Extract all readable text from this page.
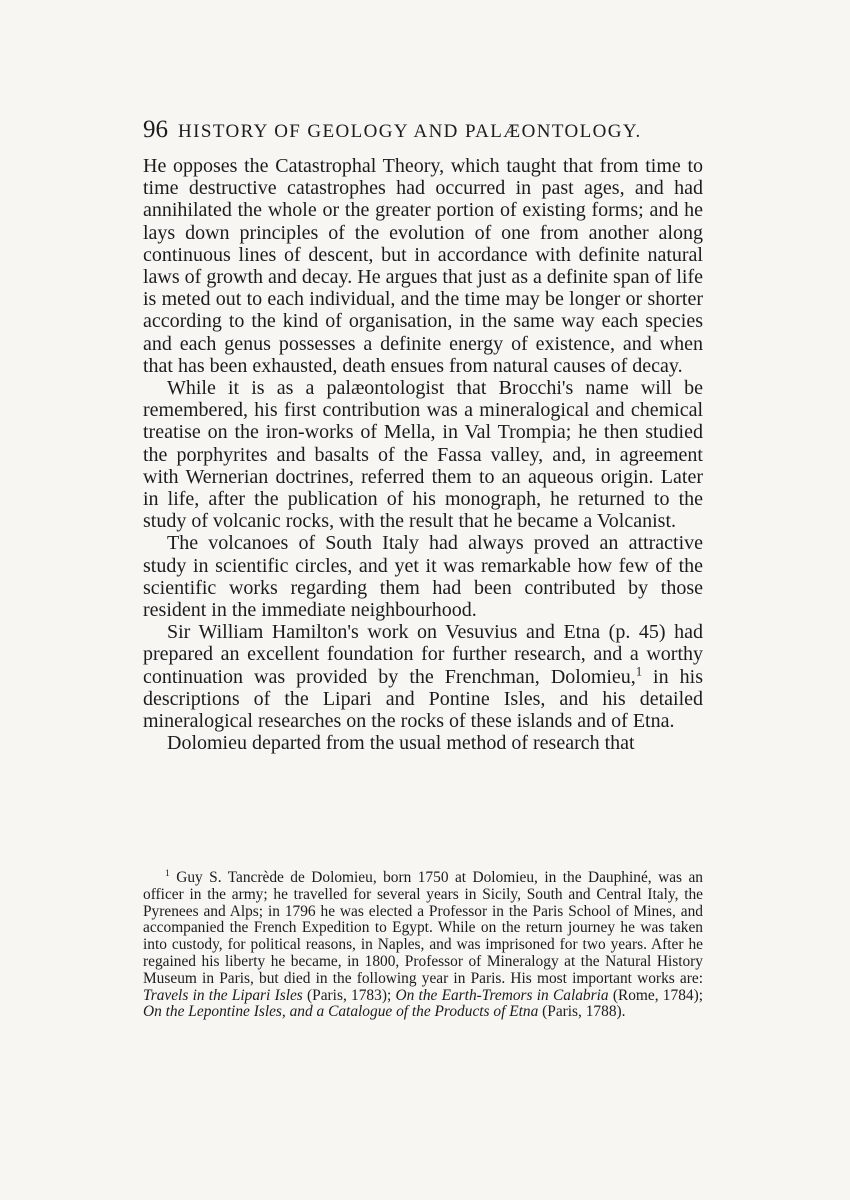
96 HISTORY OF GEOLOGY AND PALÆONTOLOGY.

He opposes the Catastrophal Theory, which taught that from time to time destructive catastrophes had occurred in past ages, and had annihilated the whole or the greater portion of existing forms; and he lays down principles of the evolution of one from another along continuous lines of descent, but in accordance with definite natural laws of growth and decay. He argues that just as a definite span of life is meted out to each individual, and the time may be longer or shorter according to the kind of organisation, in the same way each species and each genus possesses a definite energy of existence, and when that has been exhausted, death ensues from natural causes of decay.

While it is as a palæontologist that Brocchi's name will be remembered, his first contribution was a mineralogical and chemical treatise on the iron-works of Mella, in Val Trompia; he then studied the porphyrites and basalts of the Fassa valley, and, in agreement with Wernerian doctrines, referred them to an aqueous origin. Later in life, after the publication of his monograph, he returned to the study of volcanic rocks, with the result that he became a Volcanist.

The volcanoes of South Italy had always proved an attractive study in scientific circles, and yet it was remarkable how few of the scientific works regarding them had been contributed by those resident in the immediate neighbourhood.

Sir William Hamilton's work on Vesuvius and Etna (p. 45) had prepared an excellent foundation for further research, and a worthy continuation was provided by the Frenchman, Dolomieu,$^1$ in his descriptions of the Lipari and Pontine Isles, and his detailed mineralogical researches on the rocks of these islands and of Etna.

Dolomieu departed from the usual method of research that

$^1$ Guy S. Tancrède de Dolomieu, born 1750 at Dolomieu, in the Dauphiné, was an officer in the army; he travelled for several years in Sicily, South and Central Italy, the Pyrenees and Alps; in 1796 he was elected a Professor in the Paris School of Mines, and accompanied the French Expedition to Egypt. While on the return journey he was taken into custody, for political reasons, in Naples, and was imprisoned for two years. After he regained his liberty he became, in 1800, Professor of Mineralogy at the Natural History Museum in Paris, but died in the following year in Paris. His most important works are: Travels in the Lipari Isles (Paris, 1783); On the Earth-Tremors in Calabria (Rome, 1784); On the Lepontine Isles, and a Catalogue of the Products of Etna (Paris, 1788).
